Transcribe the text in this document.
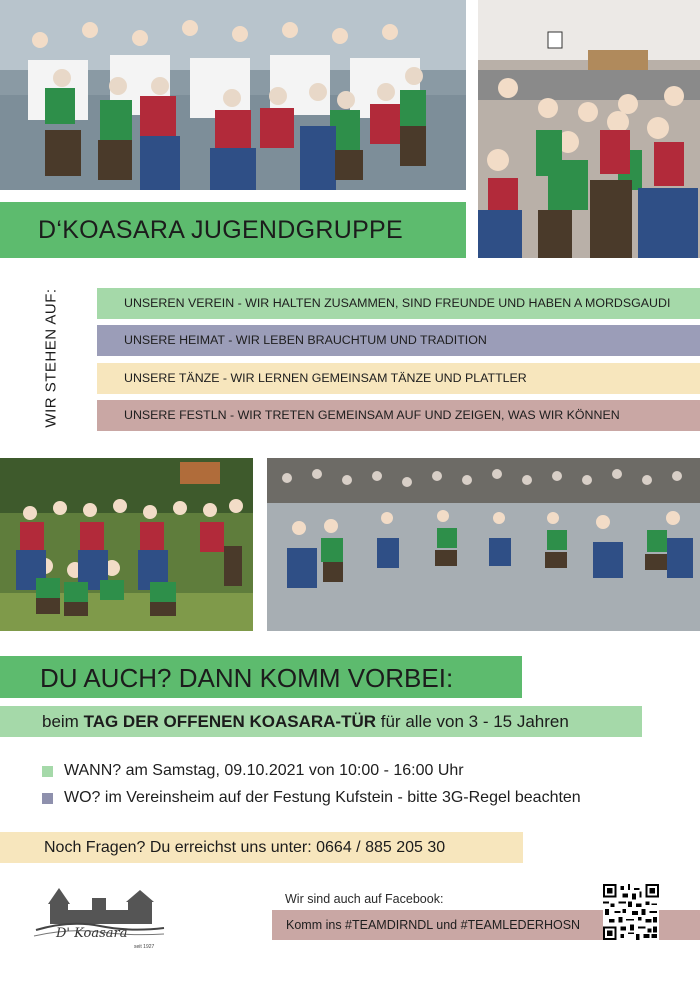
D‘KOASARA JUGENDGRUPPE
WIR STEHEN AUF:	UNSEREN VEREIN - WIR HALTEN ZUSAMMEN, SIND FREUNDE UND HABEN A MORDSGAUDI
UNSERE HEIMAT - WIR LEBEN BRAUCHTUM UND TRADITION
UNSERE TÄNZE - WIR LERNEN GEMEINSAM TÄNZE UND PLATTLER
UNSERE FESTLN - WIR TRETEN GEMEINSAM AUF UND ZEIGEN, WAS WIR KÖNNEN
DU AUCH? DANN KOMM VORBEI:
beim TAG DER OFFENEN KOASARA-TÜR für alle von 3 - 15 Jahren
WANN? am Samstag, 09.10.2021 von 10:00 - 16:00 Uhr
WO? im Vereinsheim auf der Festung Kufstein - bitte 3G-Regel beachten
Noch Fragen? Du erreichst uns unter: 0664 / 885 205 30
D' Koasara
seit 1927
Wir sind auch auf Facebook:
Komm ins #TEAMDIRNDL und #TEAMLEDERHOSN
